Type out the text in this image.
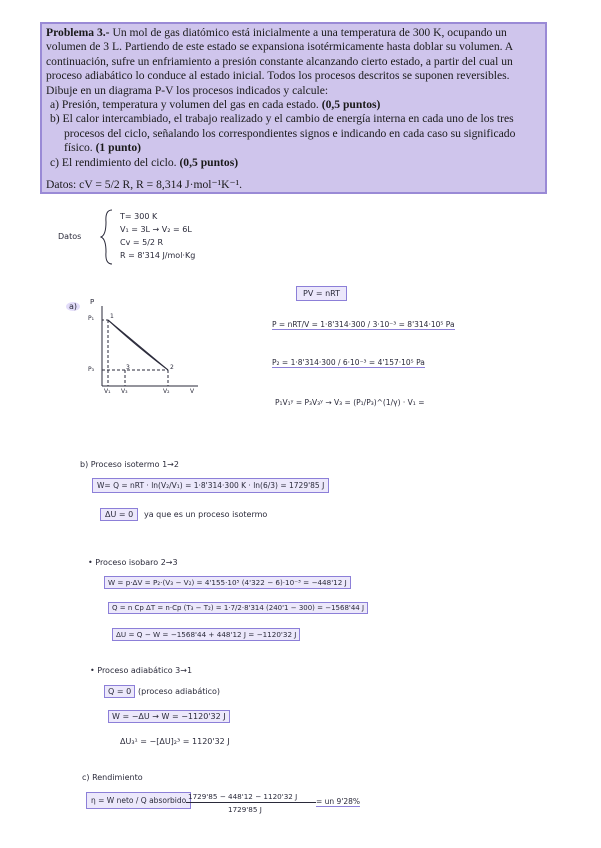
Problema 3.- Un mol de gas diatómico está inicialmente a una temperatura de 300 K, ocupando un volumen de 3 L. Partiendo de este estado se expansiona isotérmicamente hasta doblar su volumen. A continuación, sufre un enfriamiento a presión constante alcanzando cierto estado, a partir del cual un proceso adiabático lo conduce al estado inicial. Todos los procesos descritos se suponen reversibles. Dibuje en un diagrama P-V los procesos indicados y calcule:

a) Presión, temperatura y volumen del gas en cada estado. (0,5 puntos)

b) El calor intercambiado, el trabajo realizado y el cambio de energía interna en cada uno de los tres procesos del ciclo, señalando los correspondientes signos e indicando en cada caso su significado físico. (1 punto)

c) El rendimiento del ciclo. (0,5 puntos)

Datos: cV = 5/2 R, R = 8,314 J·mol⁻¹K⁻¹.

Datos
T= 300 K
V₁ = 3L → V₂ = 6L
Cv = 5/2 R
R = 8'314 J/mol·Kg
a)
PV = nRT
P
P₁
P₃
1
2
3
V₁ V₃	V₂	V
P = nRT/V = 1·8'314·300 / 3·10⁻³ = 8'314·10⁵ Pa
P₂ = 1·8'314·300 / 6·10⁻³ = 4'157·10⁵ Pa
P₁V₁ʸ = P₃V₃ʸ → V₃ = (P₁/P₃)^(1/γ) · V₁ =
b) Proceso isotermo 1→2
W= Q = nRT · ln(V₂/V₁) = 1·8'314·300 K · ln(6/3) = 1729'85 J
ΔU = 0	ya que es un proceso isotermo
• Proceso isobaro 2→3
W = p·ΔV = P₂·(V₃ − V₂) = 4'155·10⁵ (4'322 − 6)·10⁻³ = −448'12 J
Q = n Cp ΔT = n·Cp (T₃ − T₂) = 1·7/2·8'314 (240'1 − 300) = −1568'44 J
ΔU = Q − W = −1568'44 + 448'12 J = −1120'32 J
• Proceso adiabático 3→1
Q = 0 (proceso adiabático)
W = −ΔU → W = −1120'32 J
ΔU₃¹ = −[ΔU]₂³ = 1120'32 J
c) Rendimiento
η = W neto / Q absorbido 1729'85 − 448'12 − 1120'32 J
1729'85 J
= un 9'28%
